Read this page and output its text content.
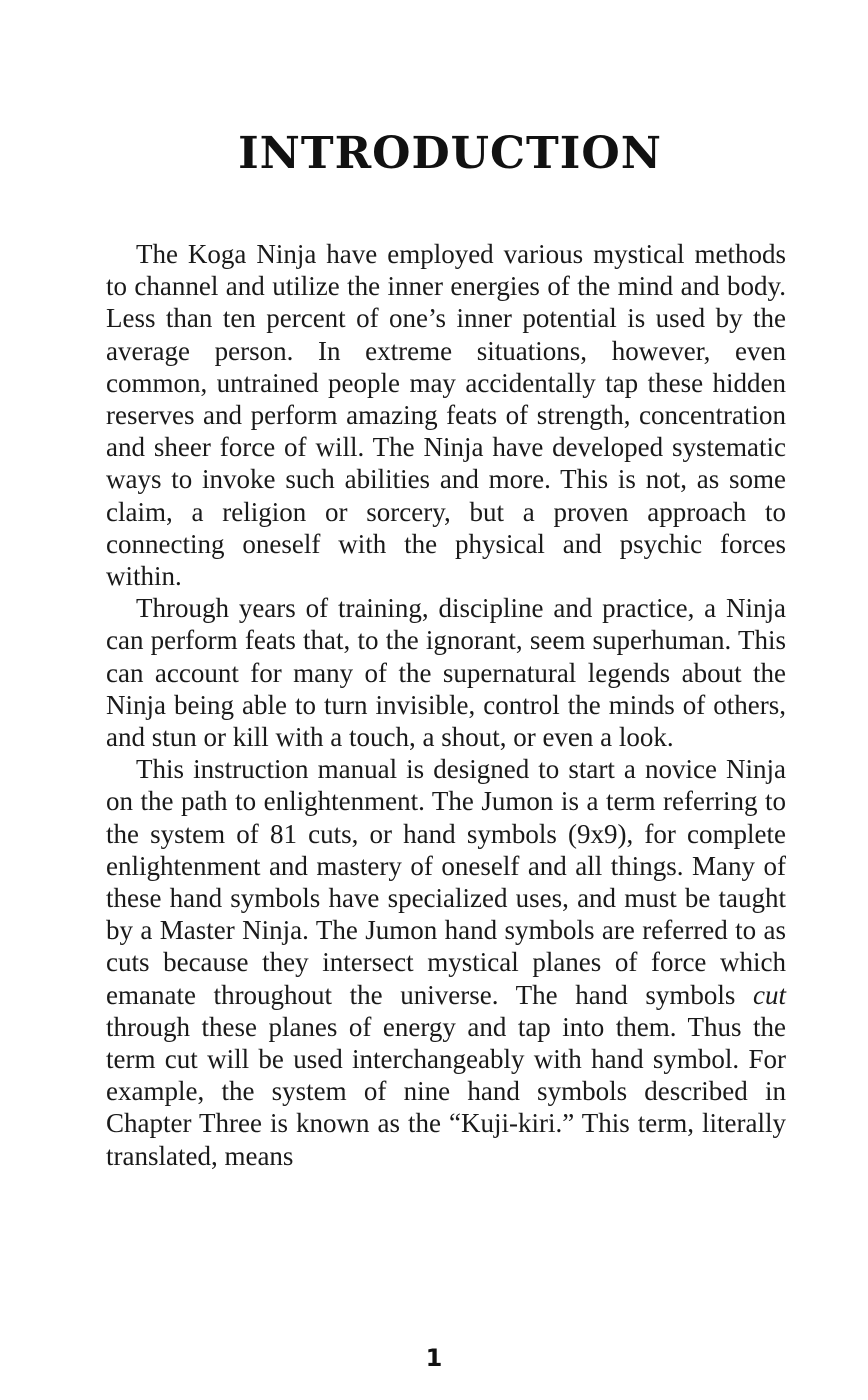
INTRODUCTION

The Koga Ninja have employed various mystical methods to channel and utilize the inner energies of the mind and body. Less than ten percent of one’s inner potential is used by the average person. In extreme situations, however, even common, untrained people may accidentally tap these hidden reserves and perform amazing feats of strength, concentration and sheer force of will. The Ninja have developed systematic ways to invoke such abilities and more. This is not, as some claim, a religion or sorcery, but a proven approach to connecting oneself with the physical and psychic forces within.

Through years of training, discipline and practice, a Ninja can perform feats that, to the ignorant, seem superhuman. This can account for many of the supernatural legends about the Ninja being able to turn invisible, control the minds of others, and stun or kill with a touch, a shout, or even a look.

This instruction manual is designed to start a novice Ninja on the path to enlightenment. The Jumon is a term referring to the system of 81 cuts, or hand symbols (9x9), for complete enlightenment and mastery of oneself and all things. Many of these hand symbols have specialized uses, and must be taught by a Master Ninja. The Jumon hand symbols are referred to as cuts because they intersect mystical planes of force which emanate throughout the universe. The hand symbols cut through these planes of energy and tap into them. Thus the term cut will be used interchangeably with hand symbol. For example, the system of nine hand symbols described in Chapter Three is known as the “Kuji-kiri.” This term, literally translated, means

1
